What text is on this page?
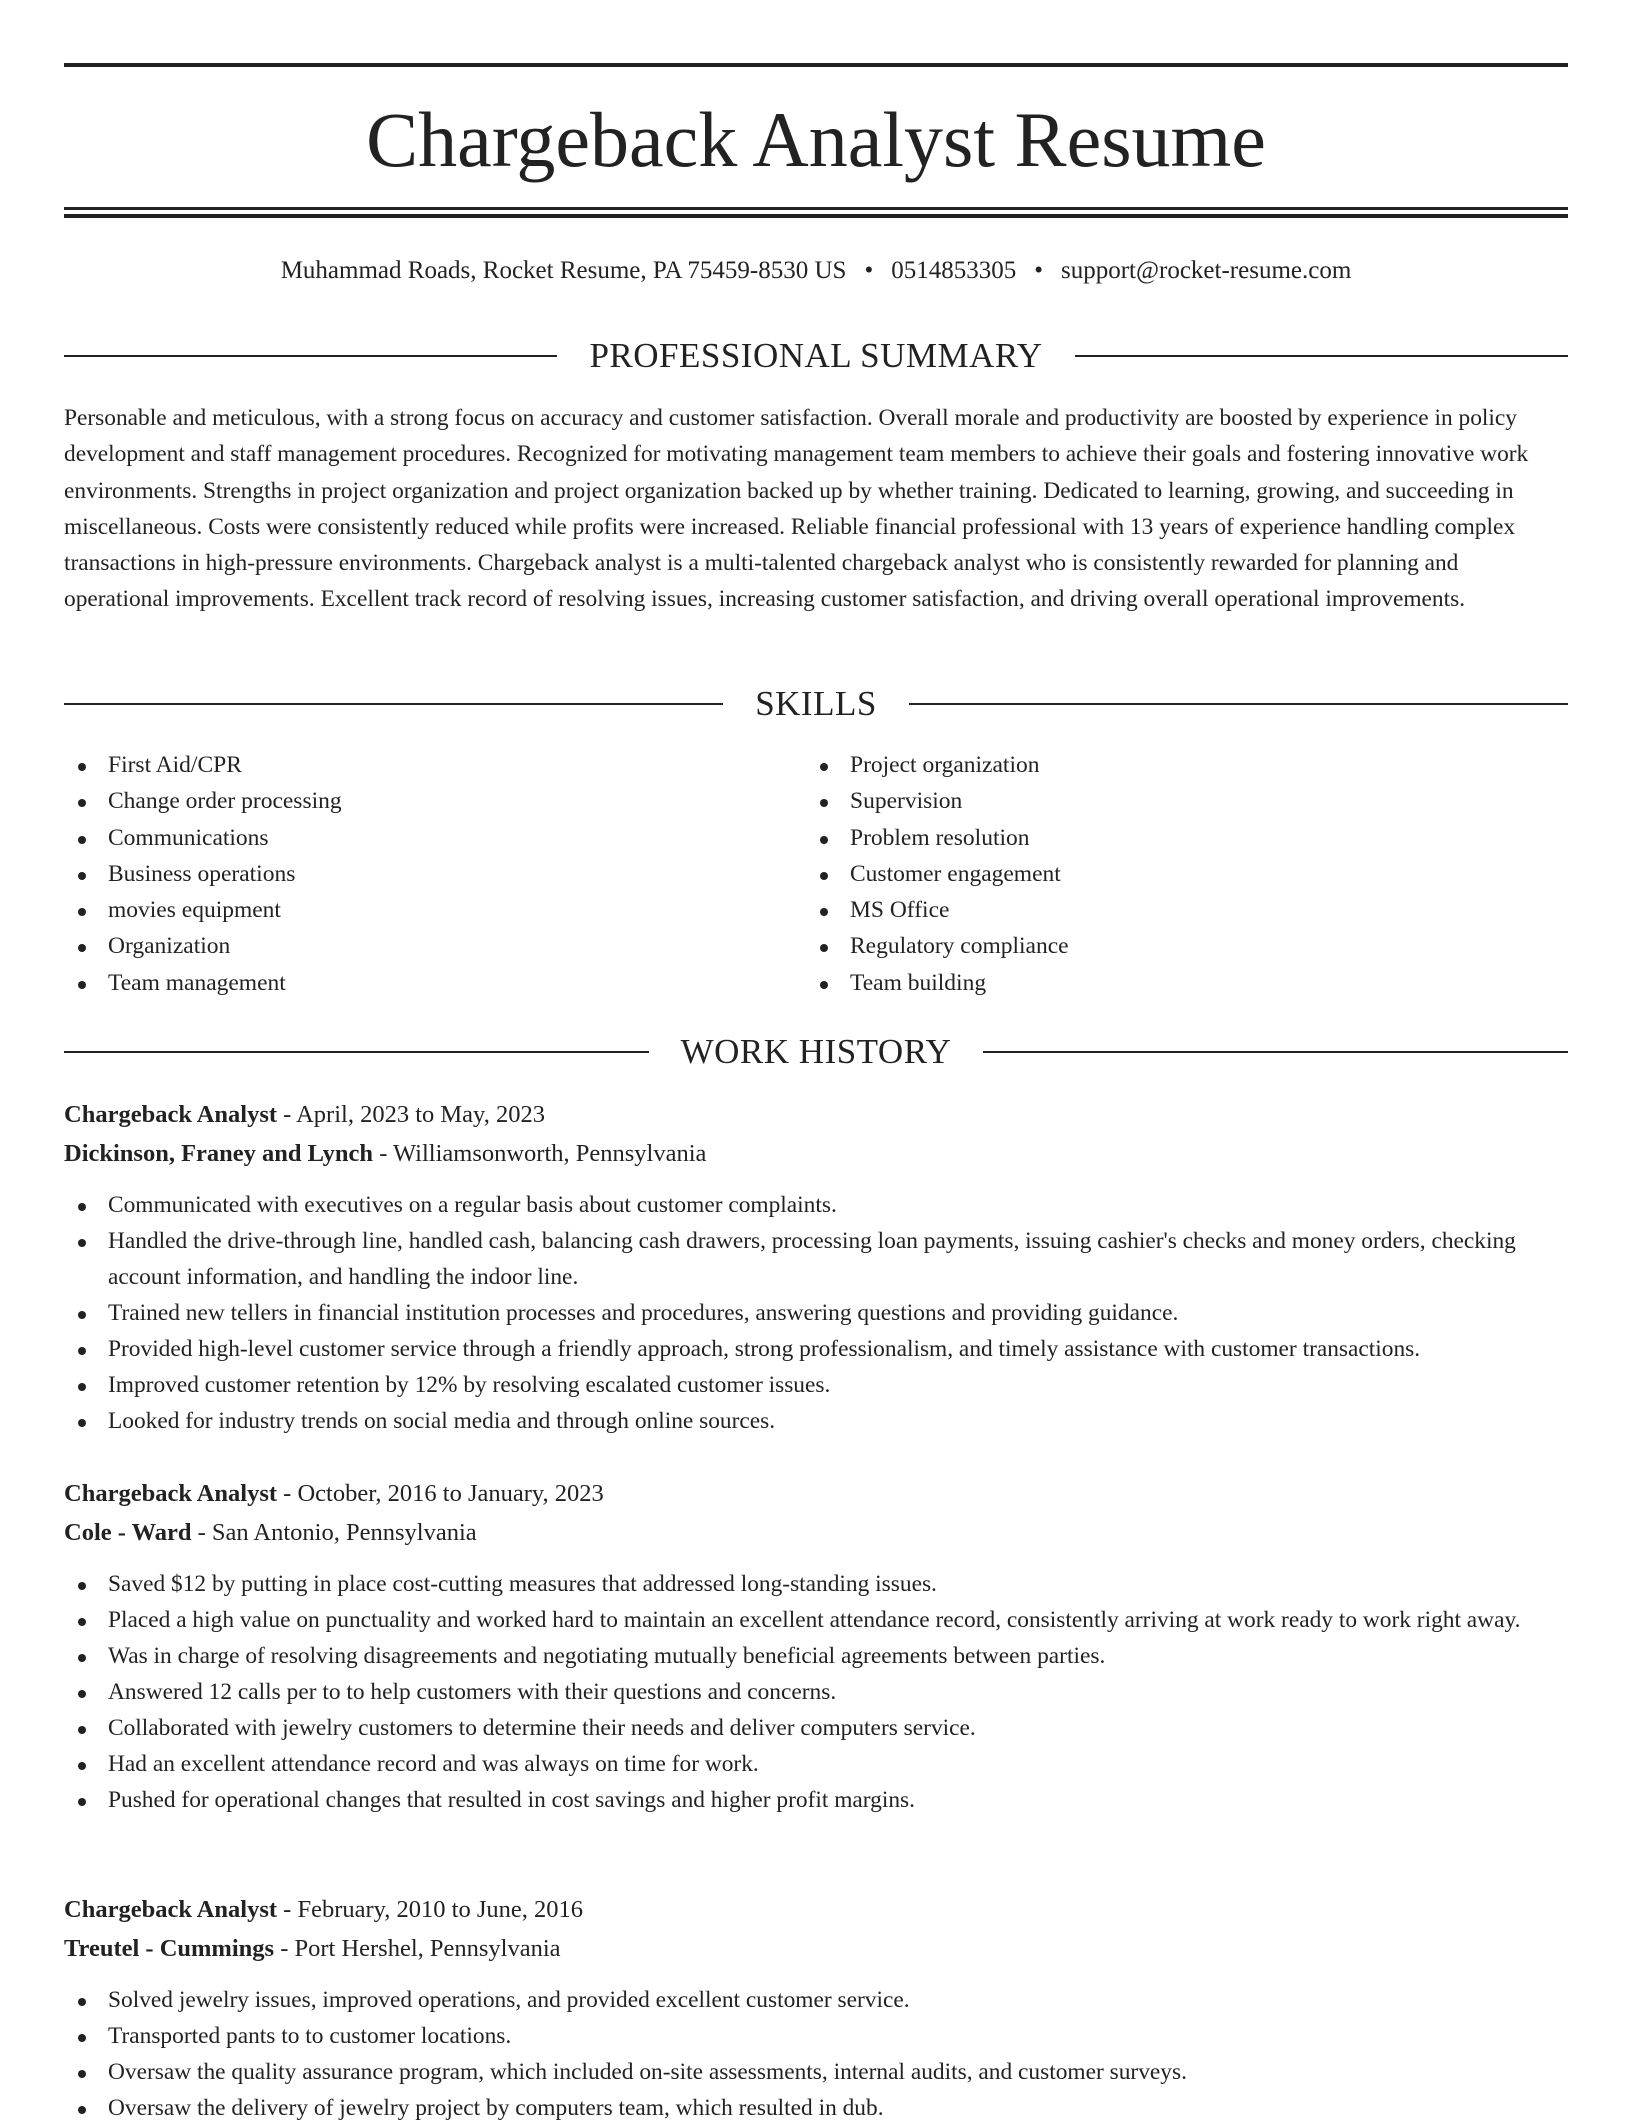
Chargeback Analyst Resume
Muhammad Roads, Rocket Resume, PA 75459-8530 US • 0514853305 • support@rocket-resume.com
PROFESSIONAL SUMMARY

Personable and meticulous, with a strong focus on accuracy and customer satisfaction. Overall morale and productivity are boosted by experience in policy development and staff management procedures. Recognized for motivating management team members to achieve their goals and fostering innovative work environments. Strengths in project organization and project organization backed up by whether training. Dedicated to learning, growing, and succeeding in miscellaneous. Costs were consistently reduced while profits were increased. Reliable financial professional with 13 years of experience handling complex transactions in high-pressure environments. Chargeback analyst is a multi-talented chargeback analyst who is consistently rewarded for planning and operational improvements. Excellent track record of resolving issues, increasing customer satisfaction, and driving overall operational improvements.

SKILLS
First Aid/CPR
Change order processing
Communications
Business operations
movies equipment
Organization
Team management
Project organization
Supervision
Problem resolution
Customer engagement
MS Office
Regulatory compliance
Team building
WORK HISTORY
Chargeback Analyst - April, 2023 to May, 2023
Dickinson, Franey and Lynch - Williamsonworth, Pennsylvania
Communicated with executives on a regular basis about customer complaints.
Handled the drive-through line, handled cash, balancing cash drawers, processing loan payments, issuing cashier's checks and money orders, checking account information, and handling the indoor line.
Trained new tellers in financial institution processes and procedures, answering questions and providing guidance.
Provided high-level customer service through a friendly approach, strong professionalism, and timely assistance with customer transactions.
Improved customer retention by 12% by resolving escalated customer issues.
Looked for industry trends on social media and through online sources.
Chargeback Analyst - October, 2016 to January, 2023
Cole - Ward - San Antonio, Pennsylvania
Saved $12 by putting in place cost-cutting measures that addressed long-standing issues.
Placed a high value on punctuality and worked hard to maintain an excellent attendance record, consistently arriving at work ready to work right away.
Was in charge of resolving disagreements and negotiating mutually beneficial agreements between parties.
Answered 12 calls per to to help customers with their questions and concerns.
Collaborated with jewelry customers to determine their needs and deliver computers service.
Had an excellent attendance record and was always on time for work.
Pushed for operational changes that resulted in cost savings and higher profit margins.
Chargeback Analyst - February, 2010 to June, 2016
Treutel - Cummings - Port Hershel, Pennsylvania
Solved jewelry issues, improved operations, and provided excellent customer service.
Transported pants to to customer locations.
Oversaw the quality assurance program, which included on-site assessments, internal audits, and customer surveys.
Oversaw the delivery of jewelry project by computers team, which resulted in dub.
